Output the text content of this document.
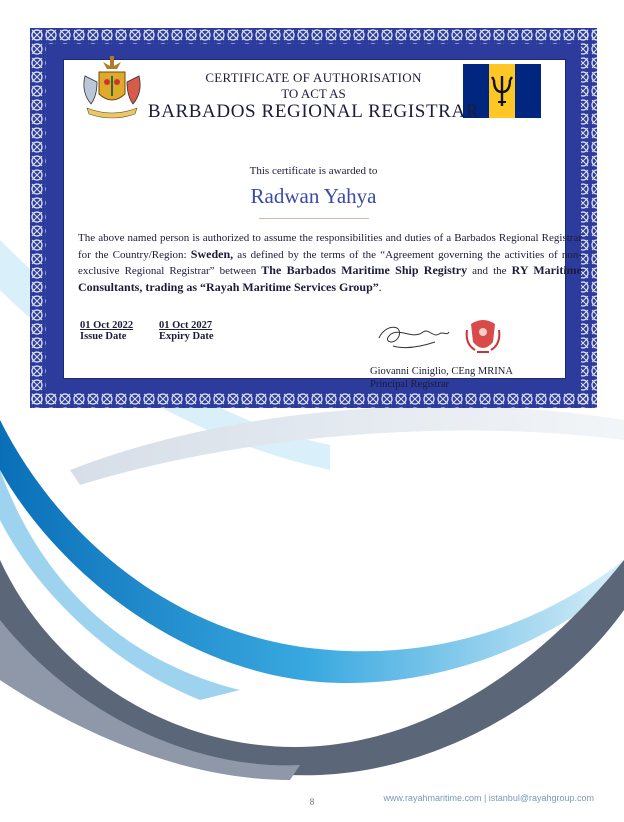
CERTIFICATE OF AUTHORISATION
TO ACT AS
BARBADOS REGIONAL REGISTRAR
This certificate is awarded to
Radwan Yahya
The above named person is authorized to assume the responsibilities and duties of a Barbados Regional Registrar for the Country/Region: Sweden, as defined by the terms of the “Agreement governing the activities of non-exclusive Regional Registrar” between The Barbados Maritime Ship Registry and the RY Maritime Consultants, trading as “Rayah Maritime Services Group”.
01 Oct 2022
Issue Date
01 Oct 2027
Expiry Date
Giovanni Ciniglio, CEng MRINA
Principal Registrar
8	www.rayahmaritime.com | istanbul@rayahgroup.com
